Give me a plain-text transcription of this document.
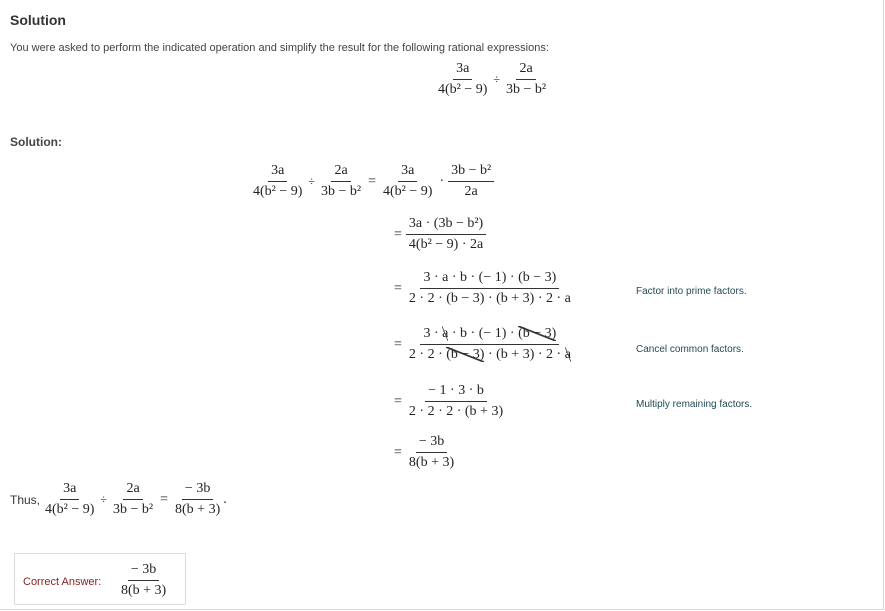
Solution
You were asked to perform the indicated operation and simplify the result for the following rational expressions:
$\frac{3a}{\text{4(b² − 9)}} \div \frac{2a}{\text{3b − b²}}$
Solution:
$\frac{3a}{\text{4(b² − 9)}} \div \frac{2a}{\text{3b − b²}} = \frac{3a}{\text{4(b² − 9)}} \cdot \frac{\text{3b − b²}}{2a}$
= $\frac{\text{3a · (3b − b²)}}{\text{4(b² − 9) · 2a}}$
= $\frac{3 \cdot a \cdot b \cdot (- 1) \cdot (b - 3)}{2 \cdot 2 \cdot (b - 3) \cdot (b + 3) \cdot 2 \cdot a}$	Factor into prime factors.
= $\frac{3 \cdot a \cdot b \cdot (- 1) \cdot (b - 3)}{2 \cdot 2 \cdot (b - 3) \cdot (b + 3) \cdot 2 \cdot a}$	Cancel common factors.
= $\frac{- 1 \cdot 3 \cdot b}{2 \cdot 2 \cdot 2 \cdot (b + 3)}$	Multiply remaining factors.
= $\frac{- 3b}{8(b + 3)}$
Thus, $\frac{3a}{\text{4(b² − 9)}} \div \frac{2a}{\text{3b − b²}} = \frac{- 3b}{8(b + 3)}$ .
Correct Answer: $\frac{- 3b}{8(b + 3)}$
